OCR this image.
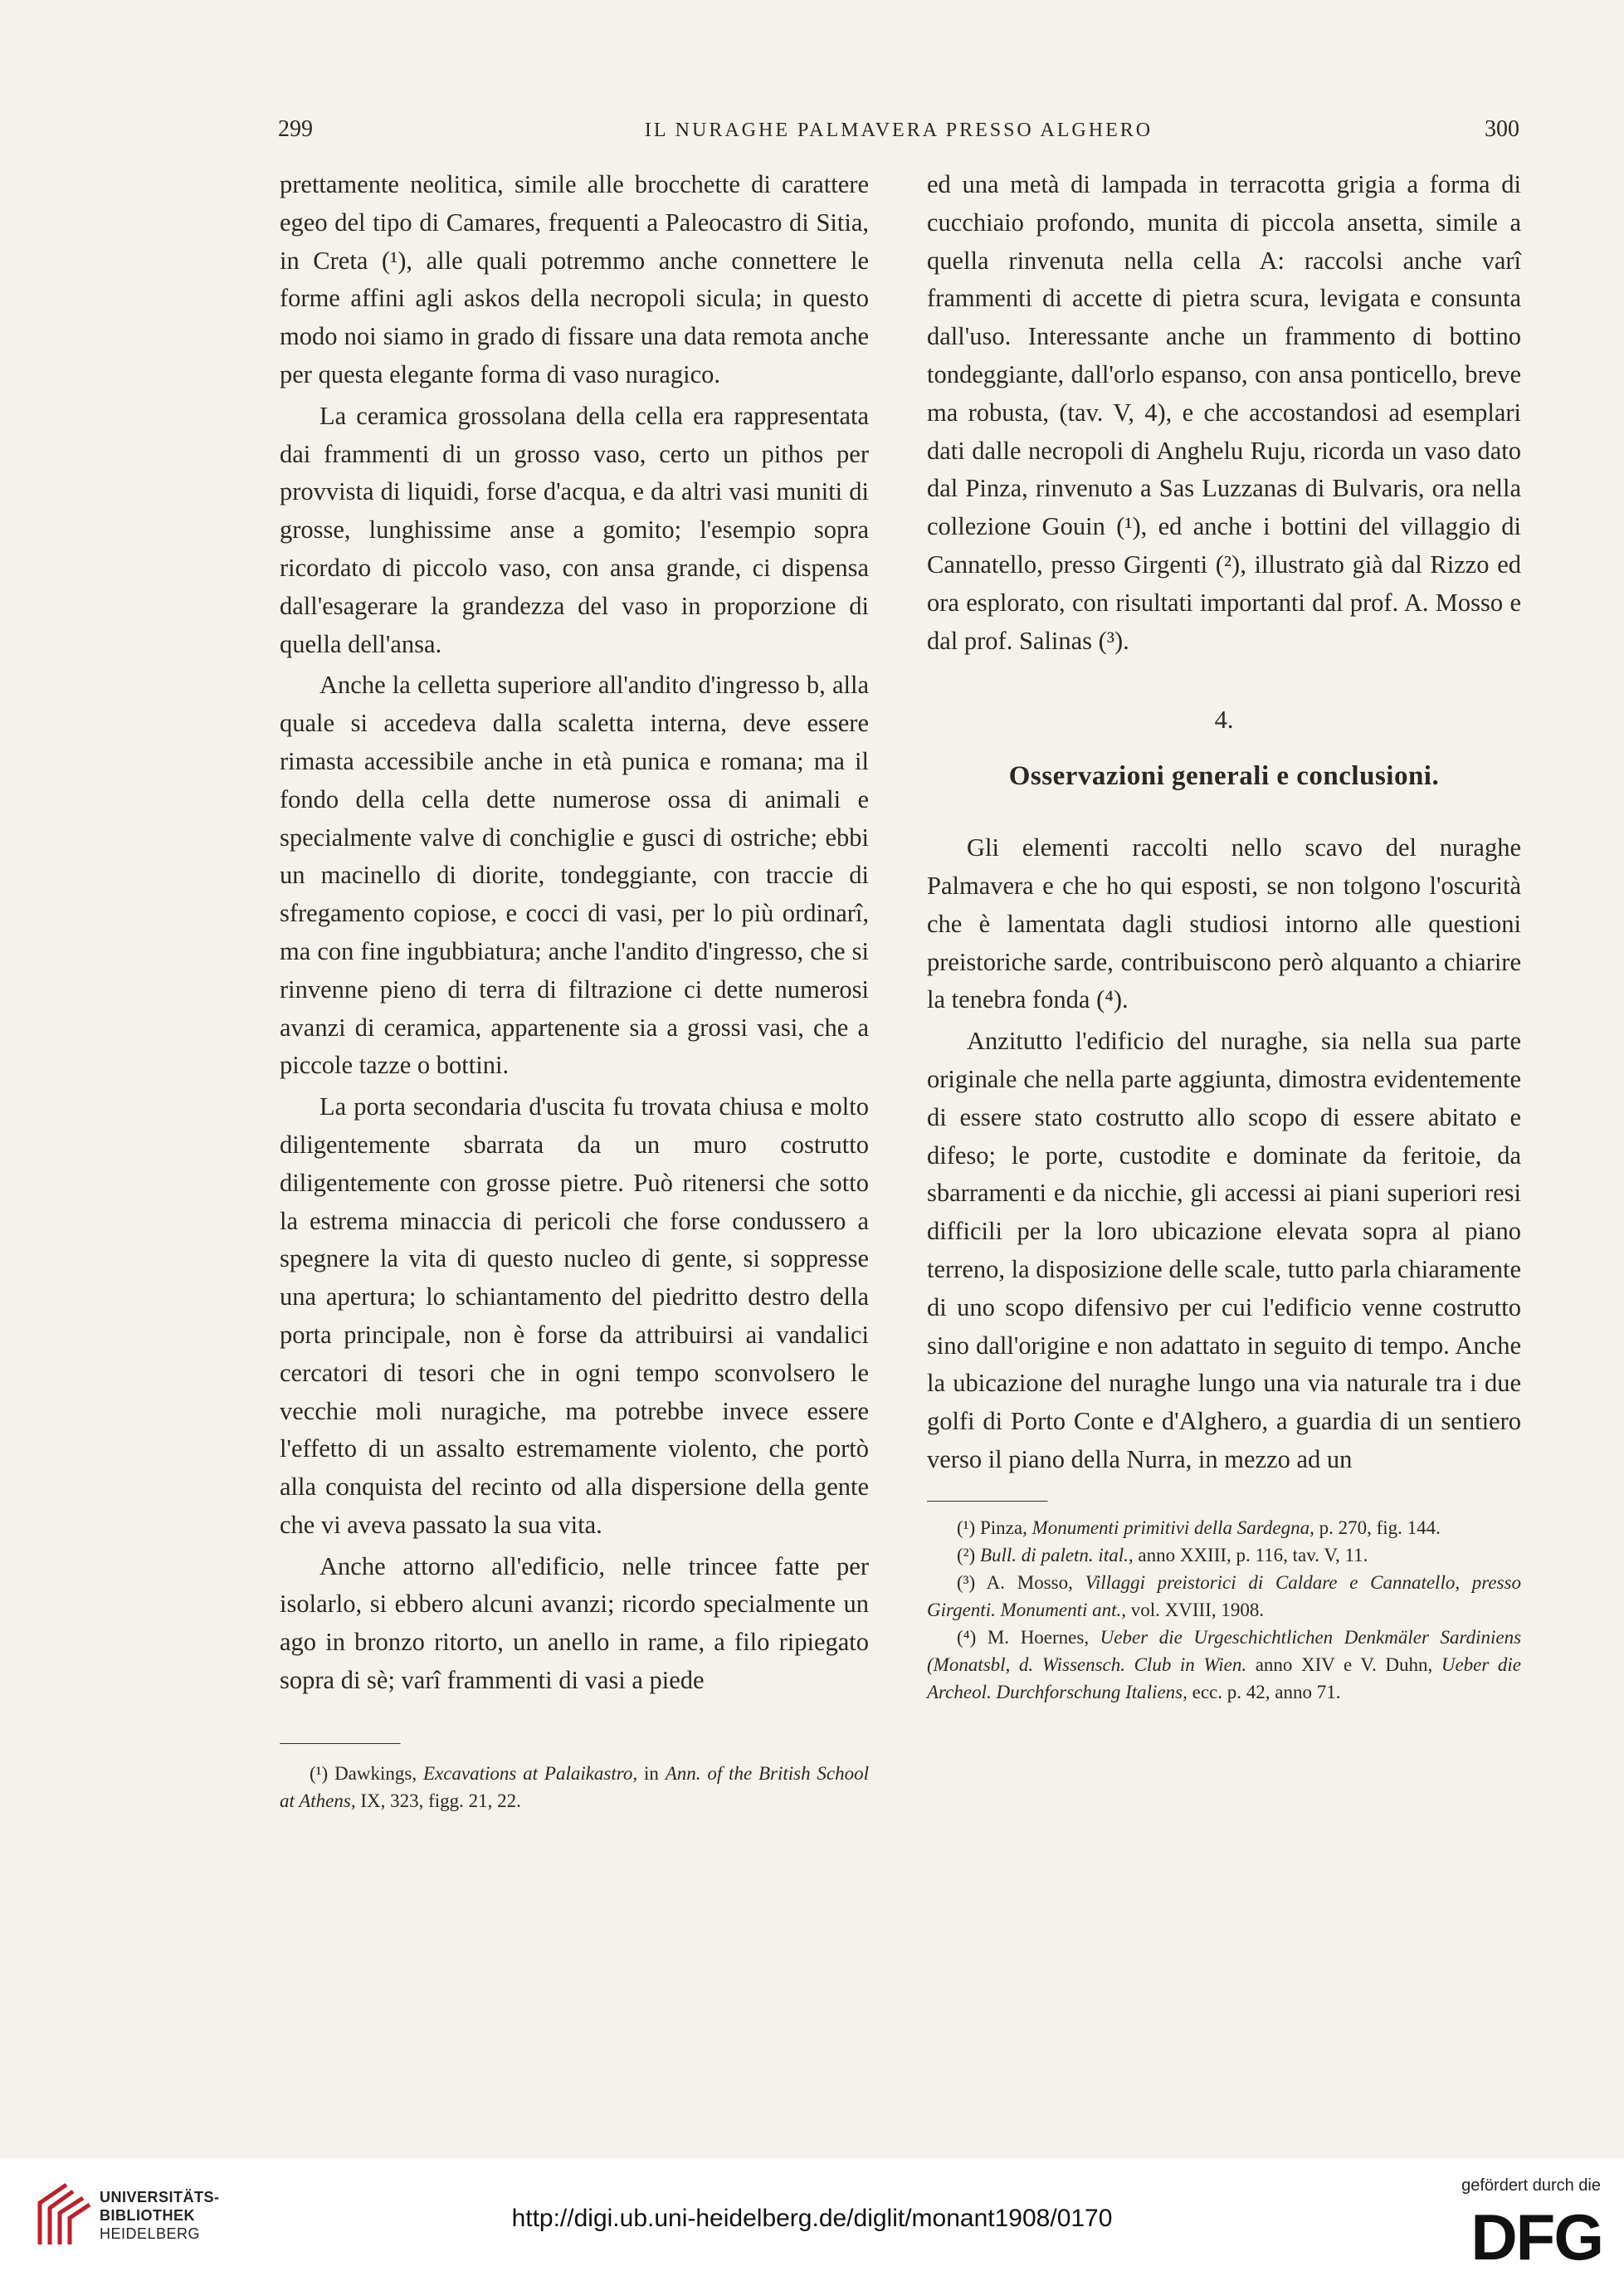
299	IL NURAGHE PALMAVERA PRESSO ALGHERO	300

prettamente neolitica, simile alle brocchette di carattere egeo del tipo di Camares, frequenti a Paleocastro di Sitia, in Creta (¹), alle quali potremmo anche connettere le forme affini agli askos della necropoli sicula; in questo modo noi siamo in grado di fissare una data remota anche per questa elegante forma di vaso nuragico.

La ceramica grossolana della cella era rappresentata dai frammenti di un grosso vaso, certo un pithos per provvista di liquidi, forse d'acqua, e da altri vasi muniti di grosse, lunghissime anse a gomito; l'esempio sopra ricordato di piccolo vaso, con ansa grande, ci dispensa dall'esagerare la grandezza del vaso in proporzione di quella dell'ansa.

Anche la celletta superiore all'andito d'ingresso b, alla quale si accedeva dalla scaletta interna, deve essere rimasta accessibile anche in età punica e romana; ma il fondo della cella dette numerose ossa di animali e specialmente valve di conchiglie e gusci di ostriche; ebbi un macinello di diorite, tondeggiante, con traccie di sfregamento copiose, e cocci di vasi, per lo più ordinarî, ma con fine ingubbiatura; anche l'andito d'ingresso, che si rinvenne pieno di terra di filtrazione ci dette numerosi avanzi di ceramica, appartenente sia a grossi vasi, che a piccole tazze o bottini.

La porta secondaria d'uscita fu trovata chiusa e molto diligentemente sbarrata da un muro costrutto diligentemente con grosse pietre. Può ritenersi che sotto la estrema minaccia di pericoli che forse condussero a spegnere la vita di questo nucleo di gente, si soppresse una apertura; lo schiantamento del piedritto destro della porta principale, non è forse da attribuirsi ai vandalici cercatori di tesori che in ogni tempo sconvolsero le vecchie moli nuragiche, ma potrebbe invece essere l'effetto di un assalto estremamente violento, che portò alla conquista del recinto od alla dispersione della gente che vi aveva passato la sua vita.

Anche attorno all'edificio, nelle trincee fatte per isolarlo, si ebbero alcuni avanzi; ricordo specialmente un ago in bronzo ritorto, un anello in rame, a filo ripiegato sopra di sè; varî frammenti di vasi a piede

(¹) Dawkings, Excavations at Palaikastro, in Ann. of the British School at Athens, IX, 323, figg. 21, 22.

ed una metà di lampada in terracotta grigia a forma di cucchiaio profondo, munita di piccola ansetta, simile a quella rinvenuta nella cella A: raccolsi anche varî frammenti di accette di pietra scura, levigata e consunta dall'uso. Interessante anche un frammento di bottino tondeggiante, dall'orlo espanso, con ansa ponticello, breve ma robusta, (tav. V, 4), e che accostandosi ad esemplari dati dalle necropoli di Anghelu Ruju, ricorda un vaso dato dal Pinza, rinvenuto a Sas Luzzanas di Bulvaris, ora nella collezione Gouin (¹), ed anche i bottini del villaggio di Cannatello, presso Girgenti (²), illustrato già dal Rizzo ed ora esplorato, con risultati importanti dal prof. A. Mosso e dal prof. Salinas (³).

4.
Osservazioni generali e conclusioni.

Gli elementi raccolti nello scavo del nuraghe Palmavera e che ho qui esposti, se non tolgono l'oscurità che è lamentata dagli studiosi intorno alle questioni preistoriche sarde, contribuiscono però alquanto a chiarire la tenebra fonda (⁴).

Anzitutto l'edificio del nuraghe, sia nella sua parte originale che nella parte aggiunta, dimostra evidentemente di essere stato costrutto allo scopo di essere abitato e difeso; le porte, custodite e dominate da feritoie, da sbarramenti e da nicchie, gli accessi ai piani superiori resi difficili per la loro ubicazione elevata sopra al piano terreno, la disposizione delle scale, tutto parla chiaramente di uno scopo difensivo per cui l'edificio venne costrutto sino dall'origine e non adattato in seguito di tempo. Anche la ubicazione del nuraghe lungo una via naturale tra i due golfi di Porto Conte e d'Alghero, a guardia di un sentiero verso il piano della Nurra, in mezzo ad un

(¹) Pinza, Monumenti primitivi della Sardegna, p. 270, fig. 144.

(²) Bull. di paletn. ital., anno XXIII, p. 116, tav. V, 11.

(³) A. Mosso, Villaggi preistorici di Caldare e Cannatello, presso Girgenti. Monumenti ant., vol. XVIII, 1908.

(⁴) M. Hoernes, Ueber die Urgeschichtlichen Denkmäler Sardiniens (Monatsbl, d. Wissensch. Club in Wien. anno XIV e V. Duhn, Ueber die Archeol. Durchforschung Italiens, ecc. p. 42, anno 71.

UNIVERSITÄTS-
BIBLIOTHEK
HEIDELBERG
http://digi.ub.uni-heidelberg.de/diglit/monant1908/0170
gefördert durch die
DFG
